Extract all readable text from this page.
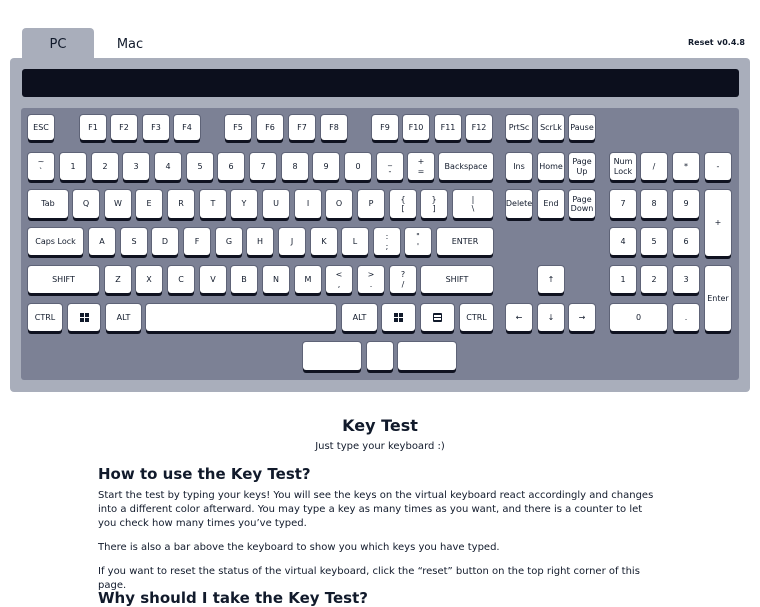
PC	Mac	Reset v0.4.8
ESC	F1	F2	F3	F4	F5	F6	F7	F8	F9 F10 F11 F12	PrtSc ScrLk Pause
~
`
1	2	3	4	5	6	7	8	9	0
_
-
+
=
Backspace	Ins Home
Page
Up
Num
Lock
/	*	-
Tab	Q	W	E	R	T	Y	U	I	O	P
{
[
}
]
|
\
Delete End
Page
Down
7	8	9
+
Caps Lock	A	S	D	F	G	H	J	K	L
:
;
"
'
ENTER	4	5	6
SHIFT	Z	X	C	V	B	N	M
<
,
>
.
?
/
SHIFT	↑	1	2	3
Enter
CTRL	ALT	ALT	CTRL	←	↓	→	0	.
Key Test
Just type your keyboard :)
How to use the Key Test?
Start the test by typing your keys! You will see the keys on the virtual keyboard react accordingly and changes into a different color afterward. You may type a key as many times as you want, and there is a counter to let you check how many times you’ve typed.
There is also a bar above the keyboard to show you which keys you have typed.
If you want to reset the status of the virtual keyboard, click the “reset” button on the top right corner of this page.
Why should I take the Key Test?
